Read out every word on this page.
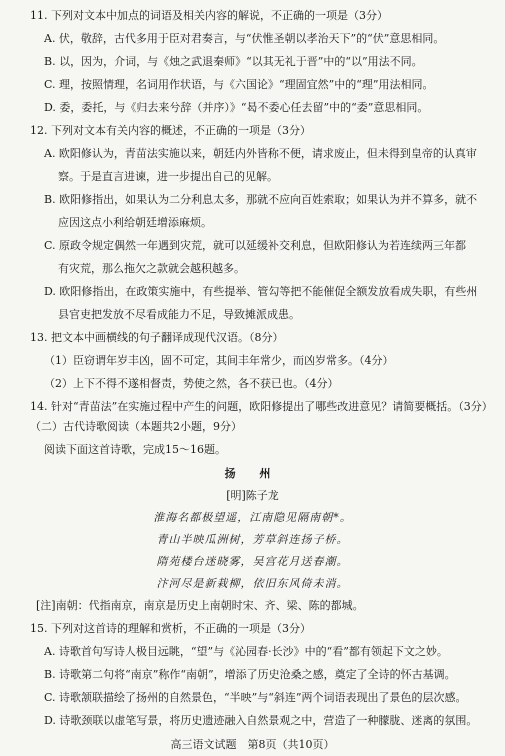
11. 下列对文本中加点的词语及相关内容的解说，不正确的一项是（3分）
A. 伏，敬辞，古代多用于臣对君奏言，与“伏惟圣朝以孝治天下”的“伏”意思相同。
B. 以，因为，介词，与《烛之武退秦师》“以其无礼于晋”中的“以”用法不同。
C. 理，按照情理，名词用作状语，与《六国论》“理固宜然”中的“理”用法相同。
D. 委，委托，与《归去来兮辞（并序）》“曷不委心任去留”中的“委”意思相同。
12. 下列对文本有关内容的概述，不正确的一项是（3分）
A. 欧阳修认为，青苗法实施以来，朝廷内外皆称不便，请求废止，但未得到皇帝的认真审
察。于是直言进谏，进一步提出自己的见解。
B. 欧阳修指出，如果认为二分利息太多，那就不应向百姓索取；如果认为并不算多，就不
应因这点小利给朝廷增添麻烦。
C. 原政令规定偶然一年遇到灾荒，就可以延缓补交利息，但欧阳修认为若连续两三年都
有灾荒，那么拖欠之款就会越积越多。
D. 欧阳修指出，在政策实施中，有些提举、管勾等把不能催促全额发放看成失职，有些州
县官吏把发放不尽看成能力不足，导致摊派成患。
13. 把文本中画横线的句子翻译成现代汉语。（8分）
（1）臣窃谓年岁丰凶，固不可定，其间丰年常少，而凶岁常多。（4分）
（2）上下不得不遂相督责，势使之然，各不获已也。（4分）
14. 针对“青苗法”在实施过程中产生的问题，欧阳修提出了哪些改进意见？请简要概括。（3分）
（二）古代诗歌阅读（本题共2小题，9分）
阅读下面这首诗歌，完成15～16题。
扬 州
[明]陈子龙
淮海名都极望遥，江南隐见隔南朝*。
青山半映瓜洲树，芳草斜连扬子桥。
隋苑楼台迷晓雾，吴宫花月送春潮。
汴河尽是新栽柳，依旧东风倚未消。
[注]南朝：代指南京，南京是历史上南朝时宋、齐、梁、陈的都城。
15. 下列对这首诗的理解和赏析，不正确的一项是（3分）
A. 诗歌首句写诗人极目远眺，“望”与《沁园春·长沙》中的“看”都有领起下文之妙。
B. 诗歌第二句将“南京”称作“南朝”，增添了历史沧桑之感，奠定了全诗的怀古基调。
C. 诗歌颔联描绘了扬州的自然景色，“半映”与“斜连”两个词语表现出了景色的层次感。
D. 诗歌颈联以虚笔写景，将历史遗迹融入自然景观之中，营造了一种朦胧、迷离的氛围。
高三语文试题　第8页（共10页）
